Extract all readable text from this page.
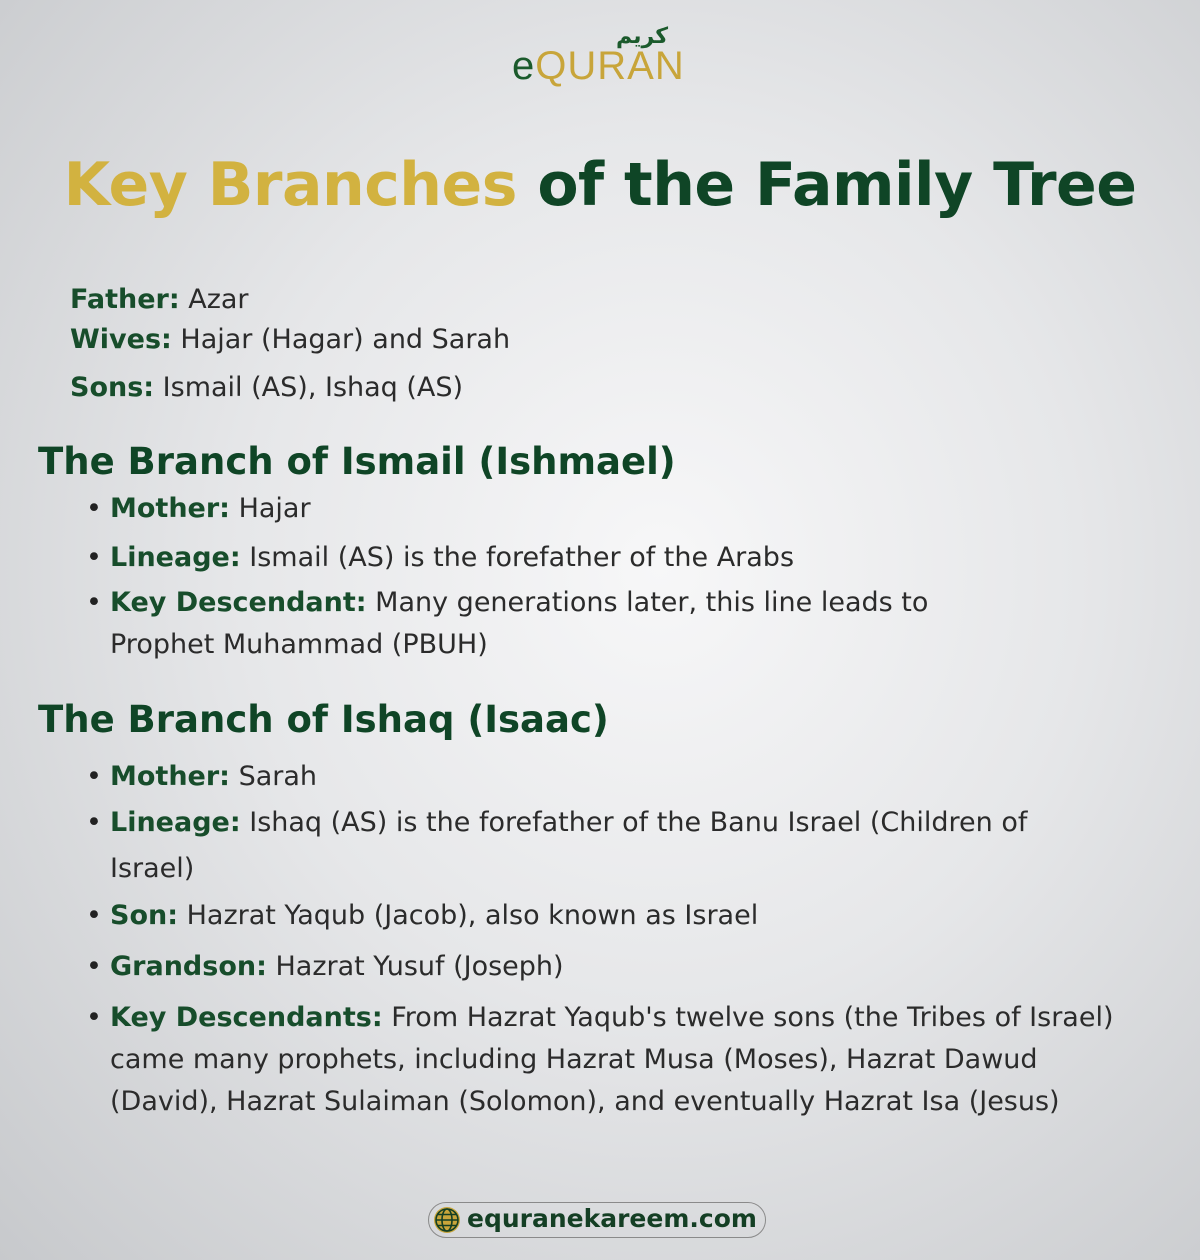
كريم
eQURAN
Key Branches of the Family Tree
Father: Azar
Wives: Hajar (Hagar) and Sarah
Sons: Ismail (AS), Ishaq (AS)
The Branch of Ismail (Ishmael)
• Mother: Hajar
• Lineage: Ismail (AS) is the forefather of the Arabs
• Key Descendant: Many generations later, this line leads to
Prophet Muhammad (PBUH)
The Branch of Ishaq (Isaac)
• Mother: Sarah
• Lineage: Ishaq (AS) is the forefather of the Banu Israel (Children of
Israel)
• Son: Hazrat Yaqub (Jacob), also known as Israel
• Grandson: Hazrat Yusuf (Joseph)
• Key Descendants: From Hazrat Yaqub's twelve sons (the Tribes of Israel)
came many prophets, including Hazrat Musa (Moses), Hazrat Dawud
(David), Hazrat Sulaiman (Solomon), and eventually Hazrat Isa (Jesus)
equranekareem.com
